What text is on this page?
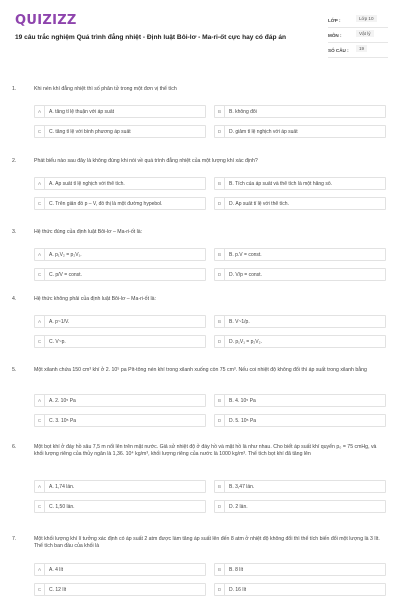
QUIZIZZ
19 câu trắc nghiệm Quá trình đẳng nhiệt - Định luật Bôi-lơ - Ma-ri-ốt cực hay có đáp án
LỚP :	Lớp 10
MÔN :	Vật lý
SỐ CÂU :	19
1.	Khi nén khí đẳng nhiệt thì số phân tử trong một đơn vị thể tích
A	A. tăng tỉ lệ thuận với áp suất	B	B. không đổi
C	C. tăng tỉ lệ với bình phương áp suất	D	D. giảm tỉ lệ nghịch với áp suất
2.	Phát biểu nào sau đây là không đúng khi nói về quá trình đẳng nhiệt của một lượng khí xác định?
A	A. Áp suất tỉ lệ nghịch với thể tích.	B	B. Tích của áp suất và thể tích là một hằng số.
C	C. Trên giản đồ p – V, đồ thị là một đường hypebol.	D	D. Áp suất tỉ lệ với thể tích.
3.	Hệ thức đúng của định luật Bôi-lơ – Ma-ri-ốt là:
A	A. p₁V₂ = p₂V₁.	B	B. p.V = const.
C	C. p/V = const.	D	D. V/p = const.
4.	Hệ thức không phải của định luật Bôi-lơ – Ma-ri-ốt là:
A	A. p~1/V.	B	B. V~1/p.
C	C. V~p.	D	D. p₁V₁ = p₂V₂.
5.	Một xilanh chứa 150 cm³ khí ở 2. 10⁵ pa Pít-tông nén khí trong xilanh xuống còn 75 cm³. Nếu coi nhiệt độ không đổi thì áp suất trong xilanh bằng
A	A. 2. 10⁵ Pa	B	B. 4. 10⁵ Pa
C	C. 3. 10⁵ Pa	D	D. 5. 10⁵ Pa
6.	Một bọt khí ở đáy hồ sâu 7,5 m nổi lên trên mặt nước. Giả sử nhiệt độ ở đáy hồ và mặt hồ là như nhau. Cho biết áp suất khí quyển p₀ = 75 cmHg, và khối lượng riêng của thủy ngân là 1,36. 10⁴ kg/m³, khối lượng riêng của nước là 1000 kg/m³. Thể tích bọt khí đã tăng lên
A	A. 1,74 lần.	B	B. 3,47 lần.
C	C. 1,50 lần.	D	D. 2 lần.
7.	Một khối lượng khí lí tưởng xác định có áp suất 2 atm được làm tăng áp suất lên đến 8 atm ở nhiệt độ không đổi thì thể tích biến đổi một lượng là 3 lít. Thể tích ban đầu của khối là
A	A. 4 lít	B	B. 8 lít
C	C. 12 lít	D	D. 16 lít
